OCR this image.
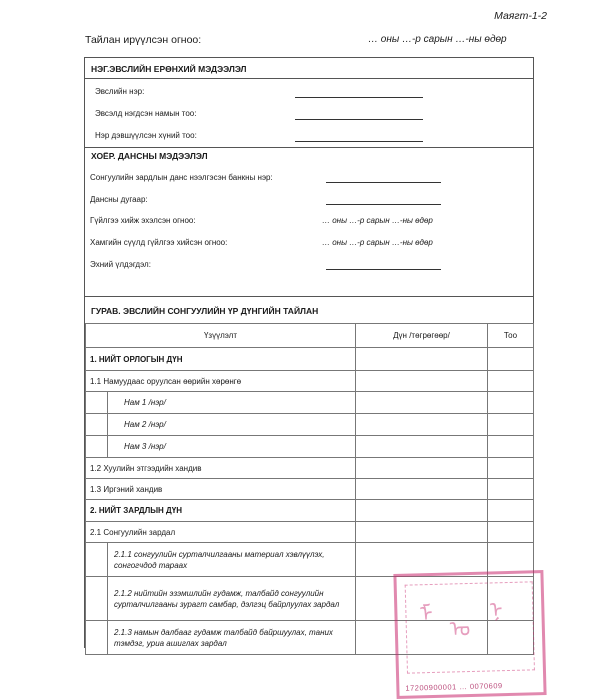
Маягт-1-2
Тайлан ирүүлсэн огноо:	… оны …-р сарын …-ны өдөр
НЭГ.ЭВСЛИЙН ЕРӨНХИЙ МЭДЭЭЛЭЛ
Эвслийн нэр:
Эвсэлд нэгдсэн намын тоо:
Нэр дэвшүүлсэн хүний тоо:
ХОЁР. ДАНСНЫ МЭДЭЭЛЭЛ
Сонгуулийн зардлын данс нээлгэсэн банкны нэр:
Дансны дугаар:
Гүйлгээ хийж эхэлсэн огноо:	… оны …-р сарын …-ны өдөр
Хамгийн сүүлд гүйлгээ хийсэн огноо:	… оны …-р сарын …-ны өдөр
Эхний үлдэгдэл:
ГУРАВ. ЭВСЛИЙН СОНГУУЛИЙН ҮР ДҮНГИЙН ТАЙЛАН
Үзүүлэлт		Дүн /төгрөгөөр/	Тоо
1. НИЙТ ОРЛОГЫН ДҮН			
1.1 Намуудаас оруулсан өөрийн хөрөнгө			
	Нам 1 /нэр/		
	Нам 2 /нэр/		
	Нам 3 /нэр/		
1.2 Хуулийн этгээдийн хандив			
1.3 Иргэний хандив			
2. НИЙТ ЗАРДЛЫН ДҮН			
2.1 Сонгуулийн зардал			
	2.1.1 сонгуулийн сурталчилгааны материал хэвлүүлэх, сонгогчдод тараах		
	2.1.2 нийтийн эзэмшлийн гудамж, талбайд сонгуулийн сурталчилгааны зурагт самбар, дэлгэц байрлуулах зардал		
	2.1.3 намын далбааг гудамж талбайд байршуулах, таних тэмдэг, уриа ашиглах зардал		
ᠮ
ᠣ
ᠨ
17200900001 … 0070609
